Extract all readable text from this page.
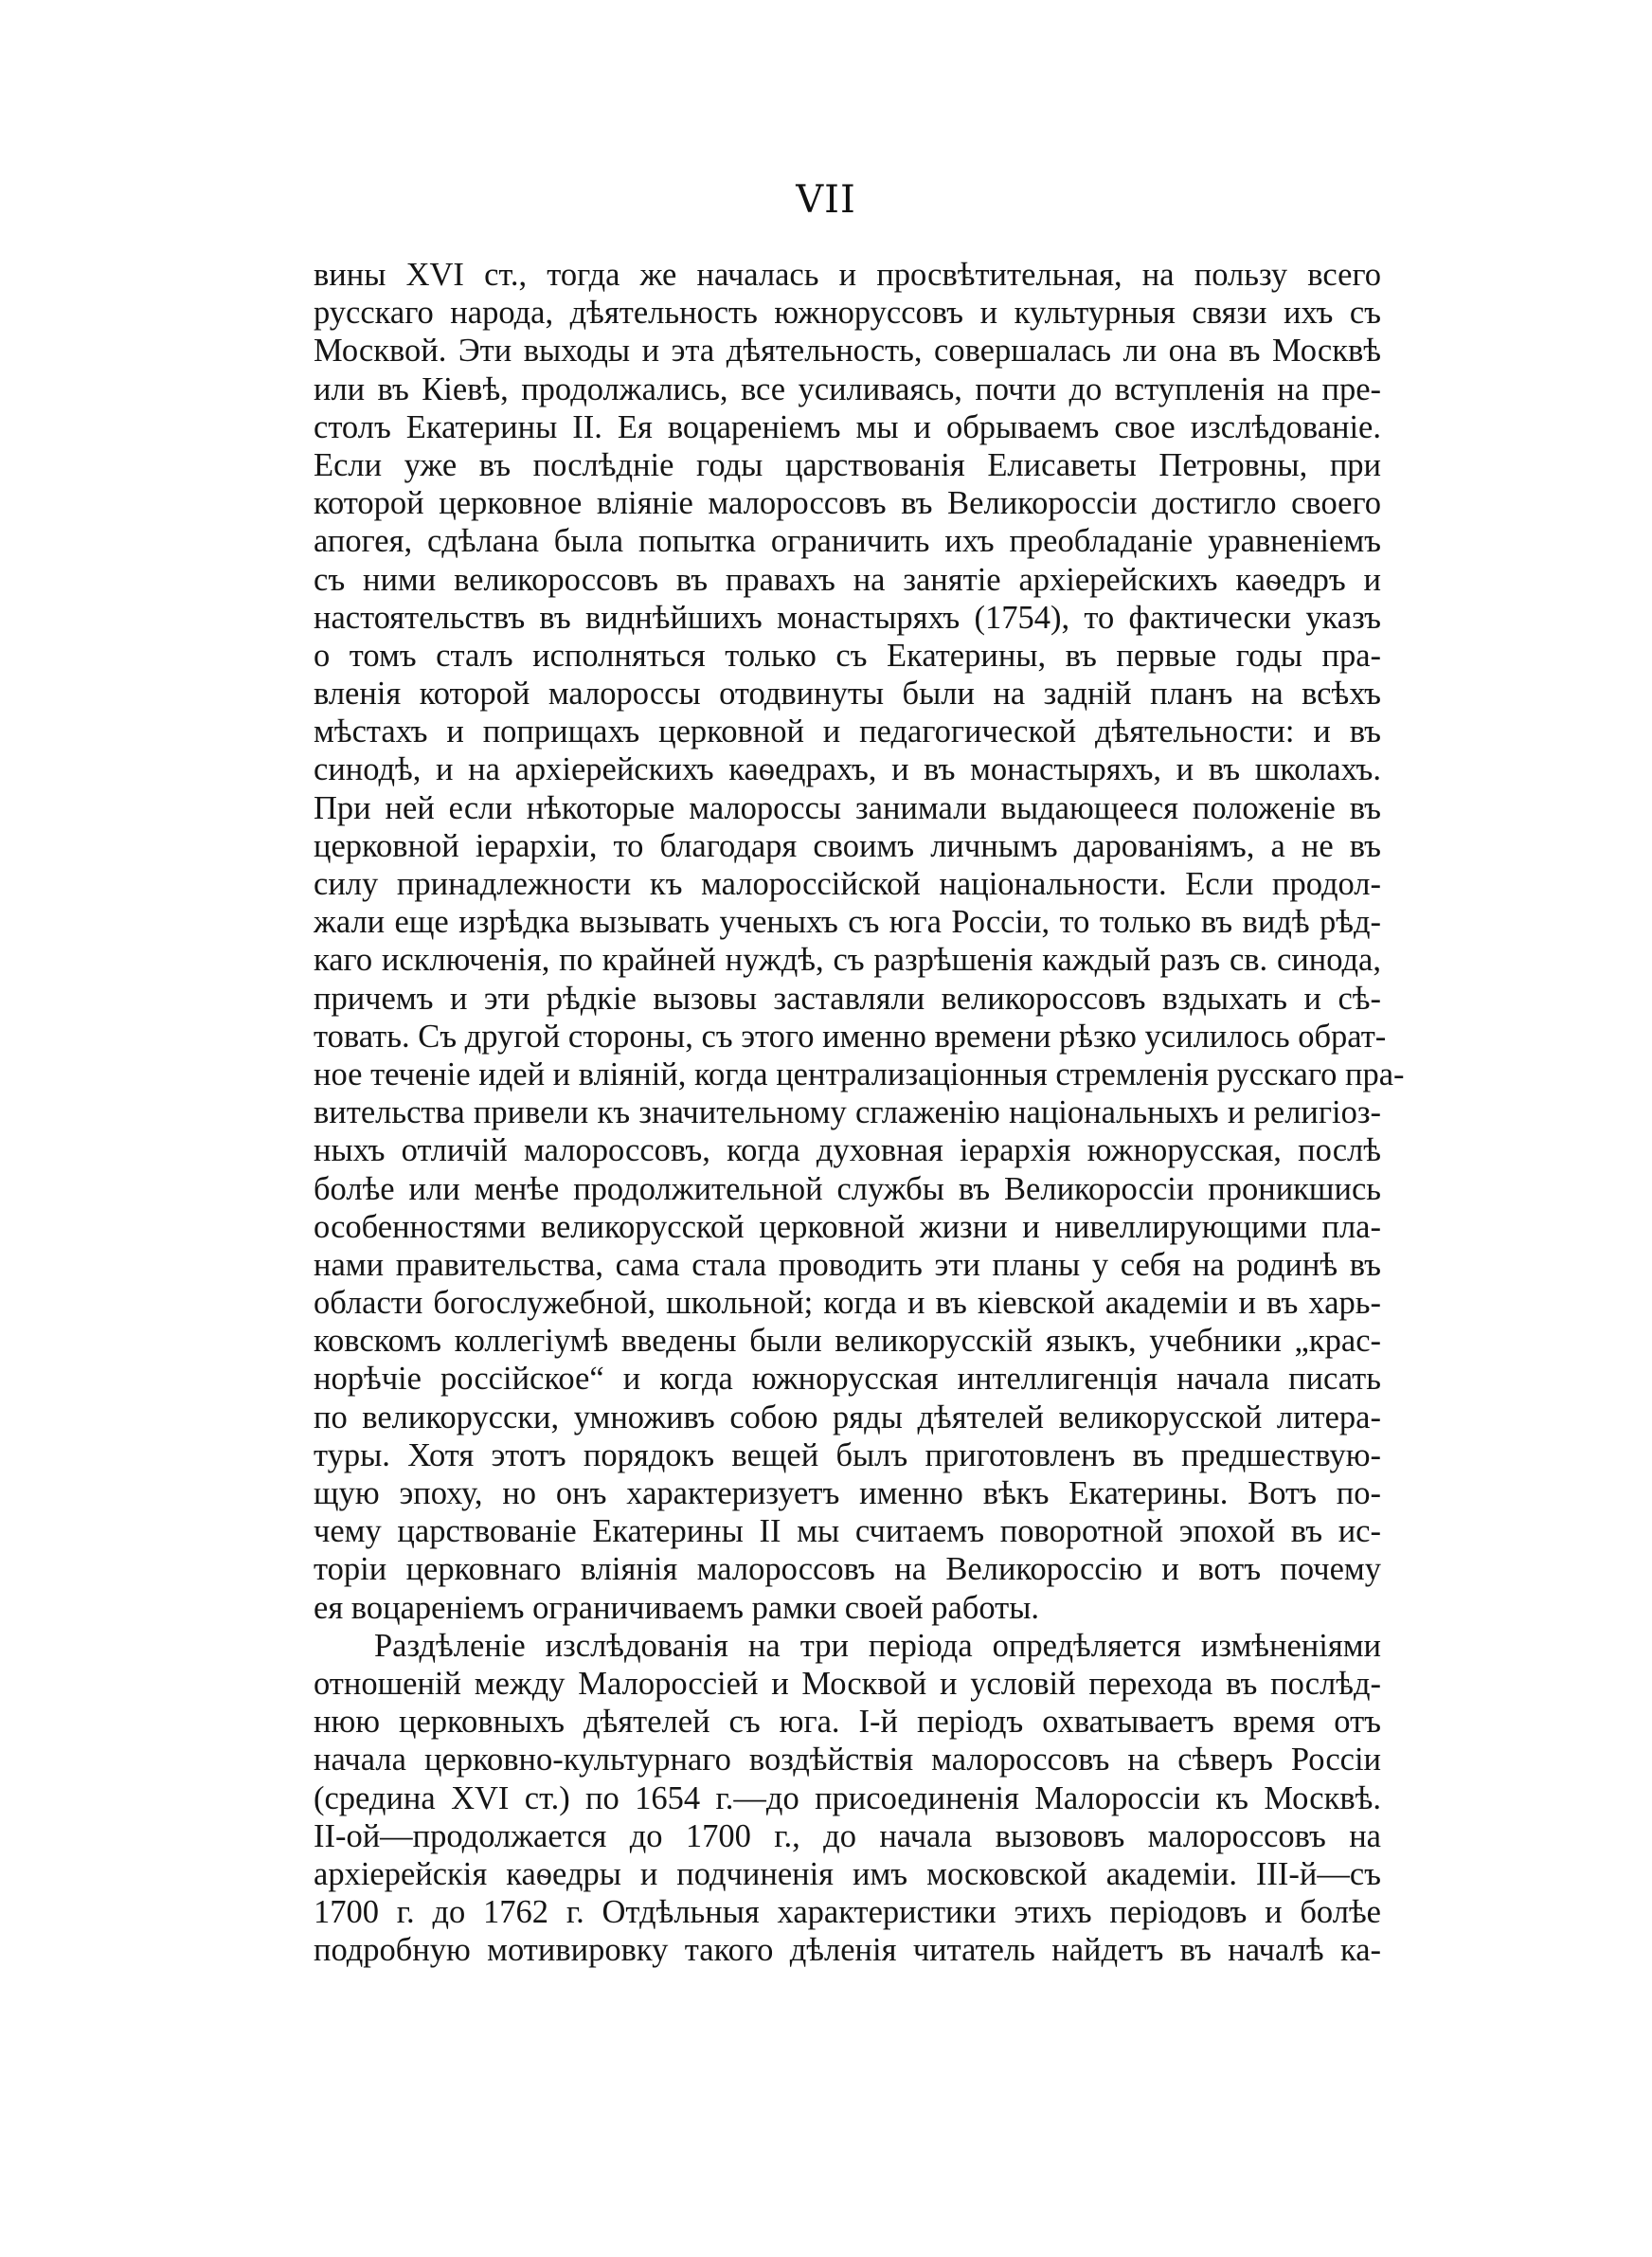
VII
вины XVI ст., тогда же началась и просвѣтительная, на пользу всего
русскаго народа, дѣятельность южноруссовъ и культурныя связи ихъ съ
Москвой. Эти выходы и эта дѣятельность, совершалась ли она въ Москвѣ
или въ Кіевѣ, продолжались, все усиливаясь, почти до вступленія на пре-
столъ Екатерины II. Ея воцареніемъ мы и обрываемъ свое изслѣдованіе.
Если уже въ послѣдніе годы царствованія Елисаветы Петровны, при
которой церковное вліяніе малороссовъ въ Великороссіи достигло своего
апогея, сдѣлана была попытка ограничить ихъ преобладаніе уравненіемъ
съ ними великороссовъ въ правахъ на занятіе архіерейскихъ каѳедръ и
настоятельствъ въ виднѣйшихъ монастыряхъ (1754), то фактически указъ
о томъ сталъ исполняться только съ Екатерины, въ первые годы пра-
вленія которой малороссы отодвинуты были на задній планъ на всѣхъ
мѣстахъ и поприщахъ церковной и педагогической дѣятельности: и въ
синодѣ, и на архіерейскихъ каѳедрахъ, и въ монастыряхъ, и въ школахъ.
При ней если нѣкоторые малороссы занимали выдающееся положеніе въ
церковной іерархіи, то благодаря своимъ личнымъ дарованіямъ, а не въ
силу принадлежности къ малороссійской національности. Если продол-
жали еще изрѣдка вызывать ученыхъ съ юга Россіи, то только въ видѣ рѣд-
каго исключенія, по крайней нуждѣ, съ разрѣшенія каждый разъ св. синода,
причемъ и эти рѣдкіе вызовы заставляли великороссовъ вздыхать и сѣ-
товать. Съ другой стороны, съ этого именно времени рѣзко усилилось обрат-
ное теченіе идей и вліяній, когда централизаціонныя стремленія русскаго пра-
вительства привели къ значительному сглаженію національныхъ и религіоз-
ныхъ отличій малороссовъ, когда духовная іерархія южнорусская, послѣ
болѣе или менѣе продолжительной службы въ Великороссіи проникшись
особенностями великорусской церковной жизни и нивеллирующими пла-
нами правительства, сама стала проводить эти планы у себя на родинѣ въ
области богослужебной, школьной; когда и въ кіевской академіи и въ харь-
ковскомъ коллегіумѣ введены были великорусскій языкъ, учебники „крас-
норѣчіе россійское“ и когда южнорусская интеллигенція начала писать
по великорусски, умноживъ собою ряды дѣятелей великорусской литера-
туры. Хотя этотъ порядокъ вещей былъ приготовленъ въ предшествую-
щую эпоху, но онъ характеризуетъ именно вѣкъ Екатерины. Вотъ по-
чему царствованіе Екатерины II мы считаемъ поворотной эпохой въ ис-
торіи церковнаго вліянія малороссовъ на Великороссію и вотъ почему
ея воцареніемъ ограничиваемъ рамки своей работы.
Раздѣленіе изслѣдованія на три періода опредѣляется измѣненіями
отношеній между Малороссіей и Москвой и условій перехода въ послѣд-
нюю церковныхъ дѣятелей съ юга. I-й періодъ охватываетъ время отъ
начала церковно-культурнаго воздѣйствія малороссовъ на сѣверъ Россіи
(средина XVI ст.) по 1654 г.—до присоединенія Малороссіи къ Москвѣ.
II-ой—продолжается до 1700 г., до начала вызововъ малороссовъ на
архіерейскія каѳедры и подчиненія имъ московской академіи. III-й—съ
1700 г. до 1762 г. Отдѣльныя характеристики этихъ періодовъ и болѣе
подробную мотивировку такого дѣленія читатель найдетъ въ началѣ ка-
